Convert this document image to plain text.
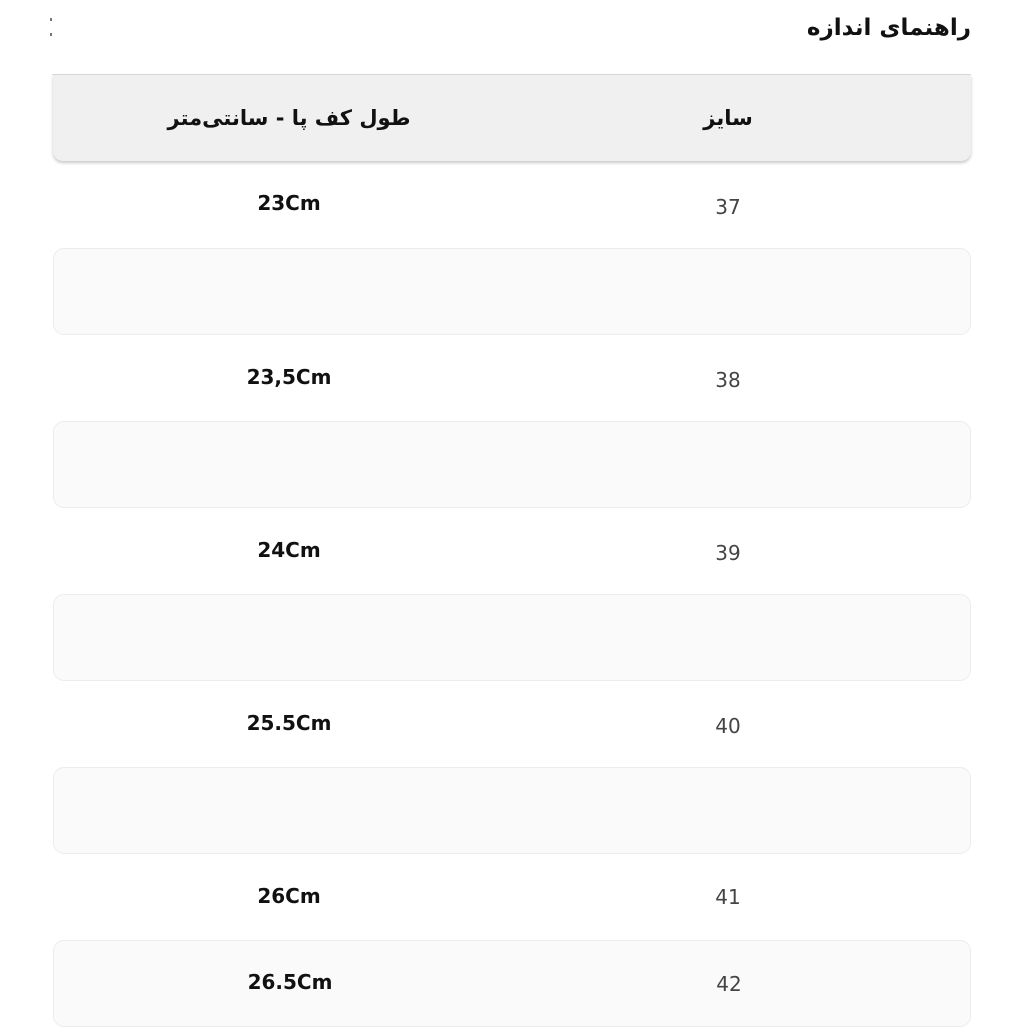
راهنمای اندازه
طول کف پا - سانتی‌متر	سایز
23Cm	37
23,5Cm	38
24Cm	39
25.5Cm	40
26Cm	41
26.5Cm	42
